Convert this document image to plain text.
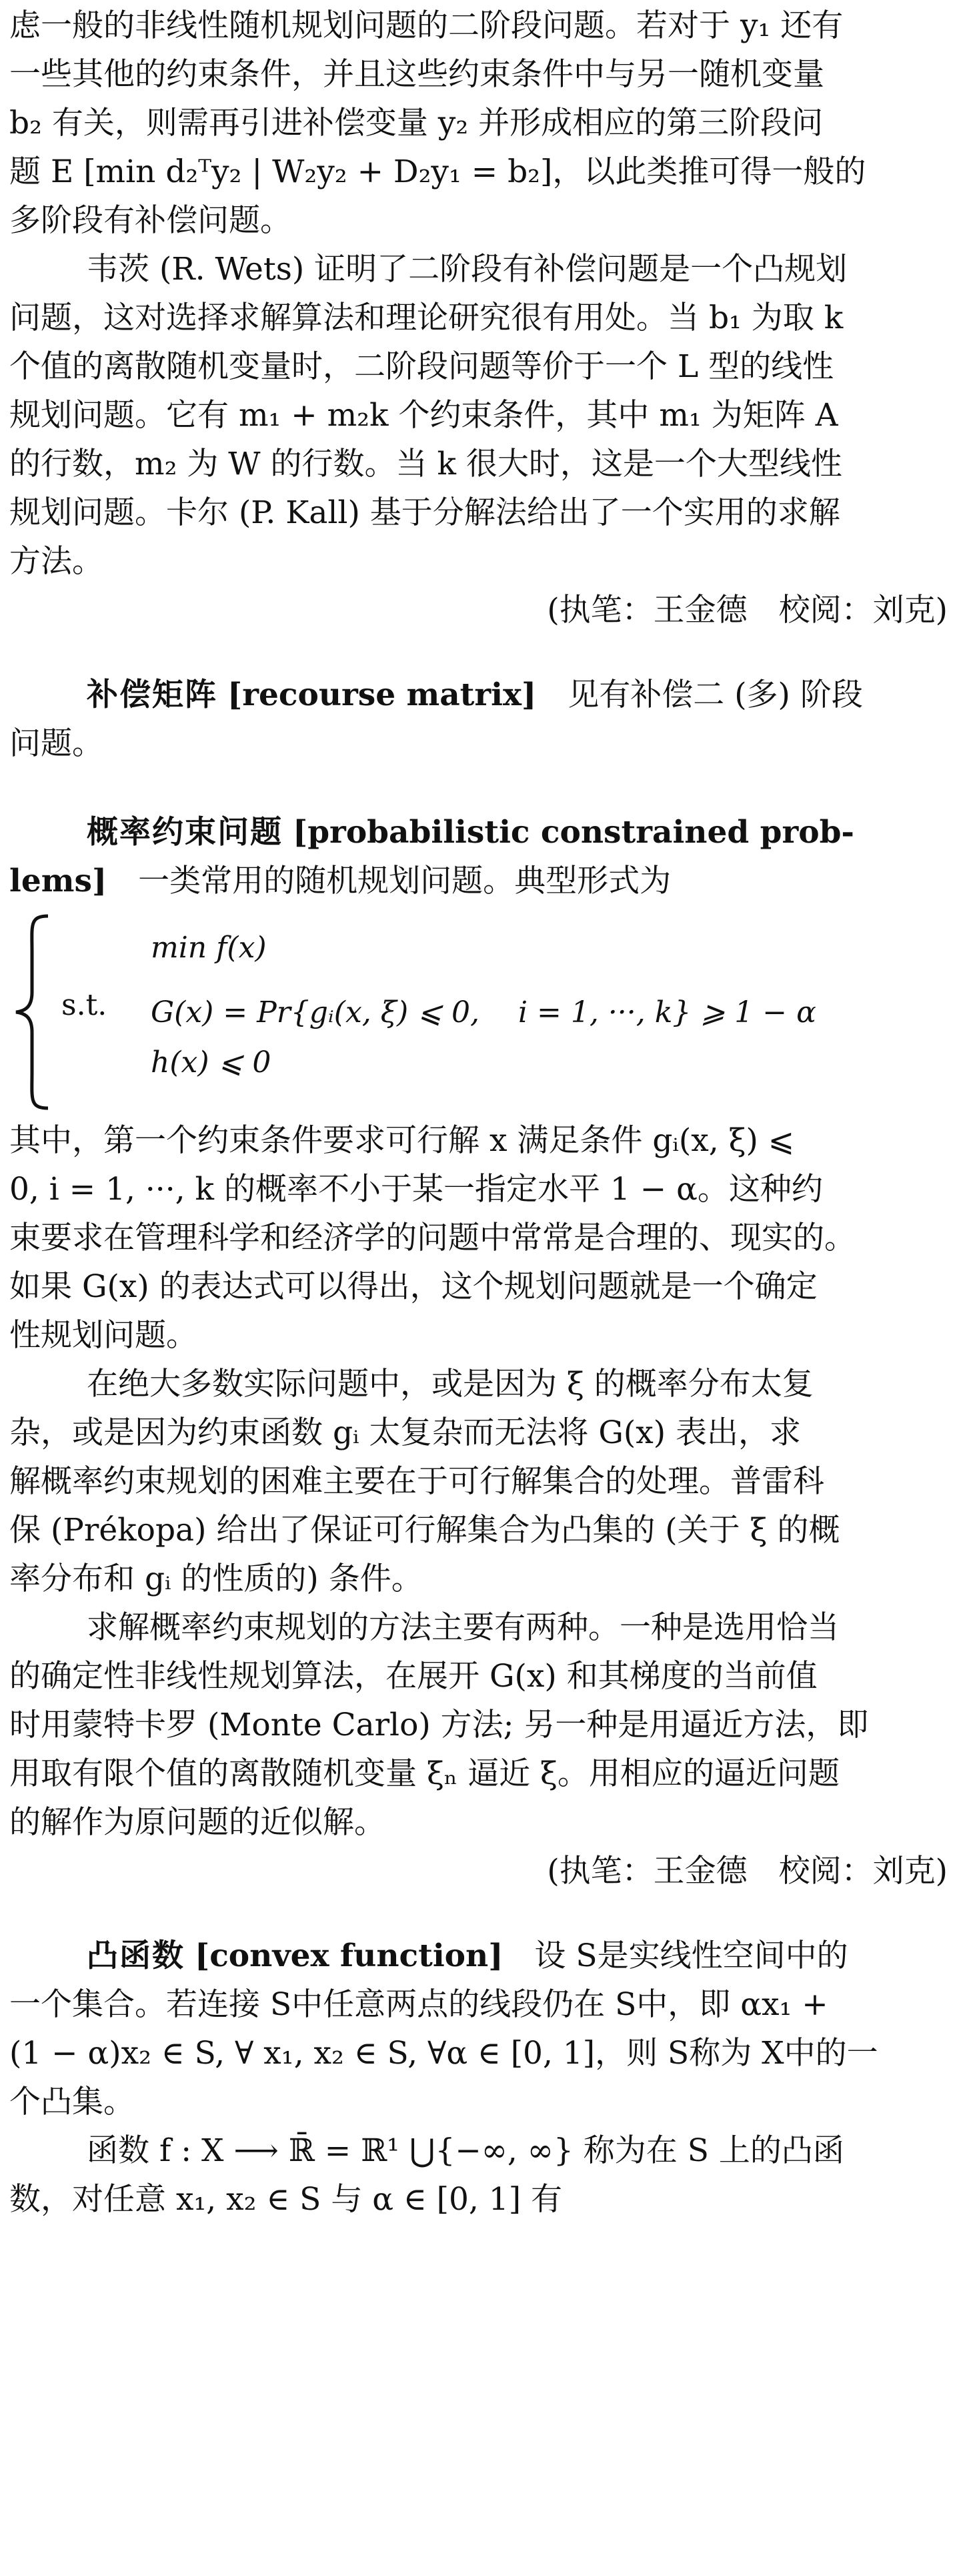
虑一般的非线性随机规划问题的二阶段问题。若对于 y₁ 还有

一些其他的约束条件，并且这些约束条件中与另一随机变量

b₂ 有关，则需再引进补偿变量 y₂ 并形成相应的第三阶段问

题 E [min d₂ᵀy₂ | W₂y₂ + D₂y₁ = b₂]，以此类推可得一般的

多阶段有补偿问题。

韦茨 (R. Wets) 证明了二阶段有补偿问题是一个凸规划

问题，这对选择求解算法和理论研究很有用处。当 b₁ 为取 k

个值的离散随机变量时，二阶段问题等价于一个 L 型的线性

规划问题。它有 m₁ + m₂k 个约束条件，其中 m₁ 为矩阵 A

的行数，m₂ 为 W 的行数。当 k 很大时，这是一个大型线性

规划问题。卡尔 (P. Kall) 基于分解法给出了一个实用的求解

方法。

(执笔：王金德　校阅：刘克)

补偿矩阵 [recourse matrix]　见有补偿二 (多) 阶段

问题。

概率约束问题 [probabilistic constrained prob-

lems]　一类常用的随机规划问题。典型形式为

min f(x)
s.t. G(x) = Pr{gᵢ(x, ξ) ⩽ 0,　 i = 1, ···, k} ⩾ 1 − α
h(x) ⩽ 0

其中，第一个约束条件要求可行解 x 满足条件 gᵢ(x, ξ) ⩽

0, i = 1, ···, k 的概率不小于某一指定水平 1 − α。这种约

束要求在管理科学和经济学的问题中常常是合理的、现实的。

如果 G(x) 的表达式可以得出，这个规划问题就是一个确定

性规划问题。

在绝大多数实际问题中，或是因为 ξ 的概率分布太复

杂，或是因为约束函数 gᵢ 太复杂而无法将 G(x) 表出，求

解概率约束规划的困难主要在于可行解集合的处理。普雷科

保 (Prékopa) 给出了保证可行解集合为凸集的 (关于 ξ 的概

率分布和 gᵢ 的性质的) 条件。

求解概率约束规划的方法主要有两种。一种是选用恰当

的确定性非线性规划算法，在展开 G(x) 和其梯度的当前值

时用蒙特卡罗 (Monte Carlo) 方法; 另一种是用逼近方法，即

用取有限个值的离散随机变量 ξₙ 逼近 ξ。用相应的逼近问题

的解作为原问题的近似解。

(执笔：王金德　校阅：刘克)

凸函数 [convex function]　设 S是实线性空间中的

一个集合。若连接 S中任意两点的线段仍在 S中，即 αx₁ +

(1 − α)x₂ ∈ S, ∀ x₁, x₂ ∈ S, ∀α ∈ [0, 1]，则 S称为 X中的一

个凸集。

函数 f : X ⟶ ℝ̄ = ℝ¹ ⋃{−∞, ∞} 称为在 S 上的凸函

数，对任意 x₁, x₂ ∈ S 与 α ∈ [0, 1] 有
